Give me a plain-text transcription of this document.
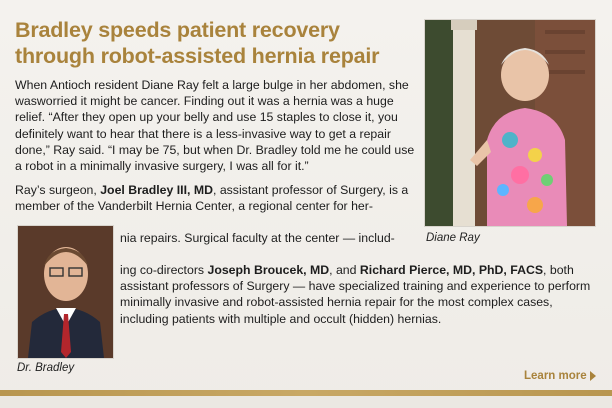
Bradley speeds patient recovery
through robot-assisted hernia repair

When Antioch resident Diane Ray felt a large bulge in her abdomen, she wasworried it might be cancer. Finding out it was a hernia was a huge relief. “After they open up your belly and use 15 staples to close it, you definitely want to hear that there is a less-invasive way to get a repair done,” Ray said. “I may be 75, but when Dr. Bradley told me he could use a robot in a minimally invasive surgery, I was all for it.”

Ray’s surgeon, Joel Bradley III, MD, assistant professor of Surgery, is a member of the Vanderbilt Hernia Center, a regional center for her-

nia repairs. Surgical faculty at the center — includ-

ing co-directors Joseph Broucek, MD, and Richard Pierce, MD, PhD, FACS, both assistant professors of Surgery — have specialized training and experience to perform minimally invasive and robot-assisted hernia repair for the most complex cases, including patients with multiple and occult (hidden) hernias.

Diane Ray
Dr. Bradley
Learn more
